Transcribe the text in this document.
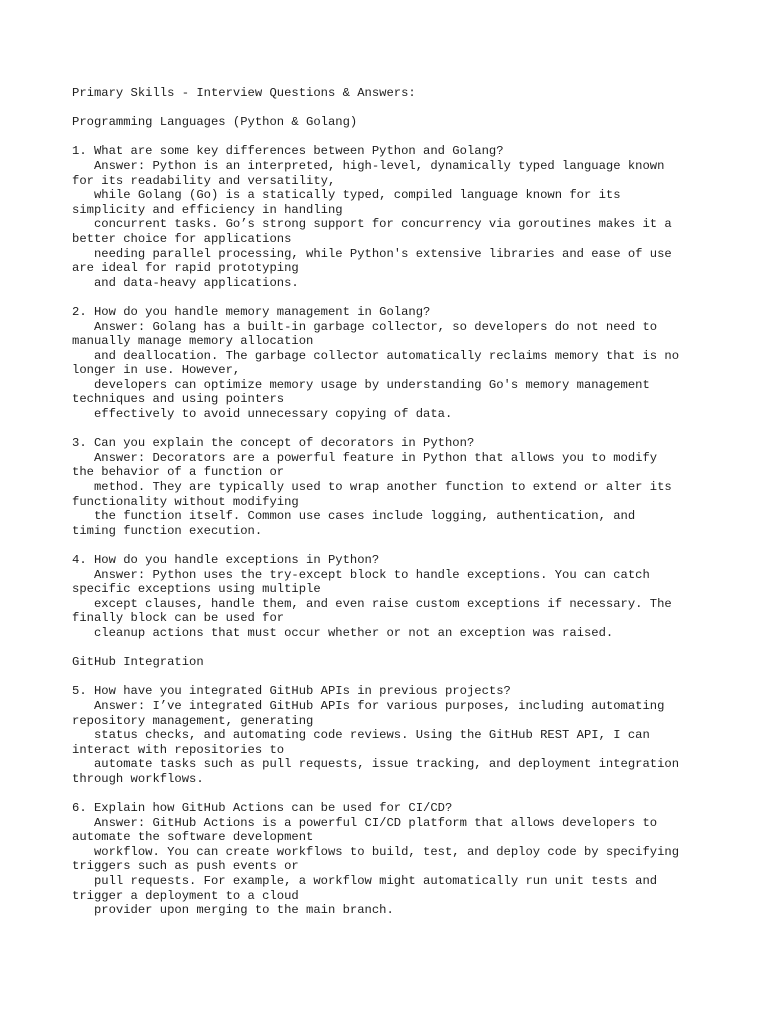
Primary Skills - Interview Questions & Answers:

Programming Languages (Python & Golang)

1. What are some key differences between Python and Golang?

Answer: Python is an interpreted, high-level, dynamically typed language known

for its readability and versatility,

while Golang (Go) is a statically typed, compiled language known for its

simplicity and efficiency in handling

concurrent tasks. Go’s strong support for concurrency via goroutines makes it a

better choice for applications

needing parallel processing, while Python's extensive libraries and ease of use

are ideal for rapid prototyping

and data-heavy applications.

2. How do you handle memory management in Golang?

Answer: Golang has a built-in garbage collector, so developers do not need to

manually manage memory allocation

and deallocation. The garbage collector automatically reclaims memory that is no

longer in use. However,

developers can optimize memory usage by understanding Go's memory management

techniques and using pointers

effectively to avoid unnecessary copying of data.

3. Can you explain the concept of decorators in Python?

Answer: Decorators are a powerful feature in Python that allows you to modify

the behavior of a function or

method. They are typically used to wrap another function to extend or alter its

functionality without modifying

the function itself. Common use cases include logging, authentication, and

timing function execution.

4. How do you handle exceptions in Python?

Answer: Python uses the try-except block to handle exceptions. You can catch

specific exceptions using multiple

except clauses, handle them, and even raise custom exceptions if necessary. The

finally block can be used for

cleanup actions that must occur whether or not an exception was raised.

GitHub Integration

5. How have you integrated GitHub APIs in previous projects?

Answer: I’ve integrated GitHub APIs for various purposes, including automating

repository management, generating

status checks, and automating code reviews. Using the GitHub REST API, I can

interact with repositories to

automate tasks such as pull requests, issue tracking, and deployment integration

through workflows.

6. Explain how GitHub Actions can be used for CI/CD?

Answer: GitHub Actions is a powerful CI/CD platform that allows developers to

automate the software development

workflow. You can create workflows to build, test, and deploy code by specifying

triggers such as push events or

pull requests. For example, a workflow might automatically run unit tests and

trigger a deployment to a cloud

provider upon merging to the main branch.
